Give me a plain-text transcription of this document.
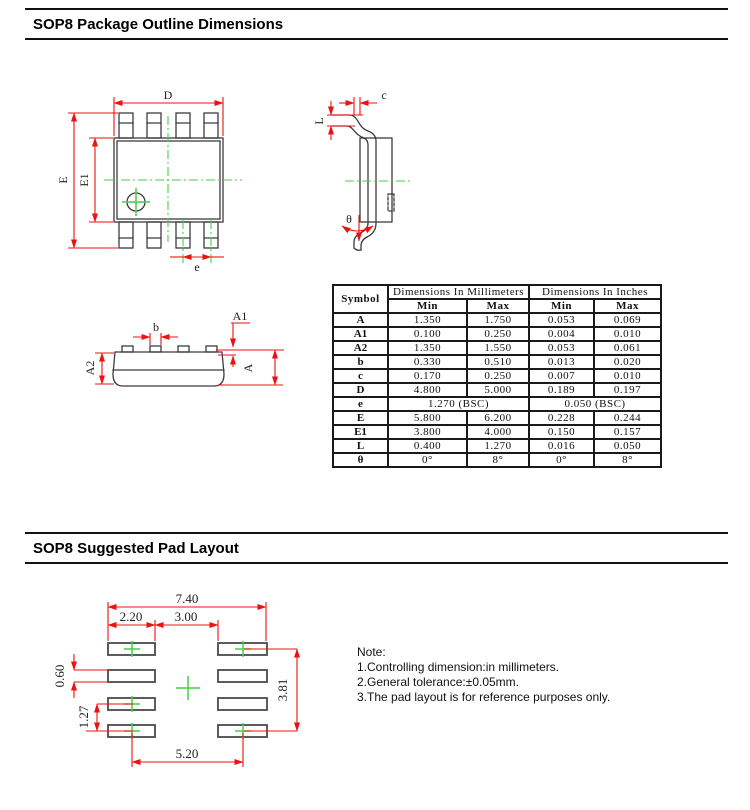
SOP8 Package Outline Dimensions
D
E E1
e
c
L
θ
b
A1
A2	A
Symbol	Dimensions In Millimeters		Dimensions In Inches	
	Min	Max	Min	Max
A	1.350	1.750	0.053	0.069
A1	0.100	0.250	0.004	0.010
A2	1.350	1.550	0.053	0.061
b	0.330	0.510	0.013	0.020
c	0.170	0.250	0.007	0.010
D	4.800	5.000	0.189	0.197
e	1.270 (BSC)		0.050 (BSC)	
E	5.800	6.200	0.228	0.244
E1	3.800	4.000	0.150	0.157
L	0.400	1.270	0.016	0.050
θ	0°	8°	0°	8°
SOP8 Suggested Pad Layout
7.40
2.20 3.00
0.60
1.27
3.81
5.20

Note:

1.Controlling dimension:in millimeters.

2.General tolerance:±0.05mm.

3.The pad layout is for reference purposes only.
